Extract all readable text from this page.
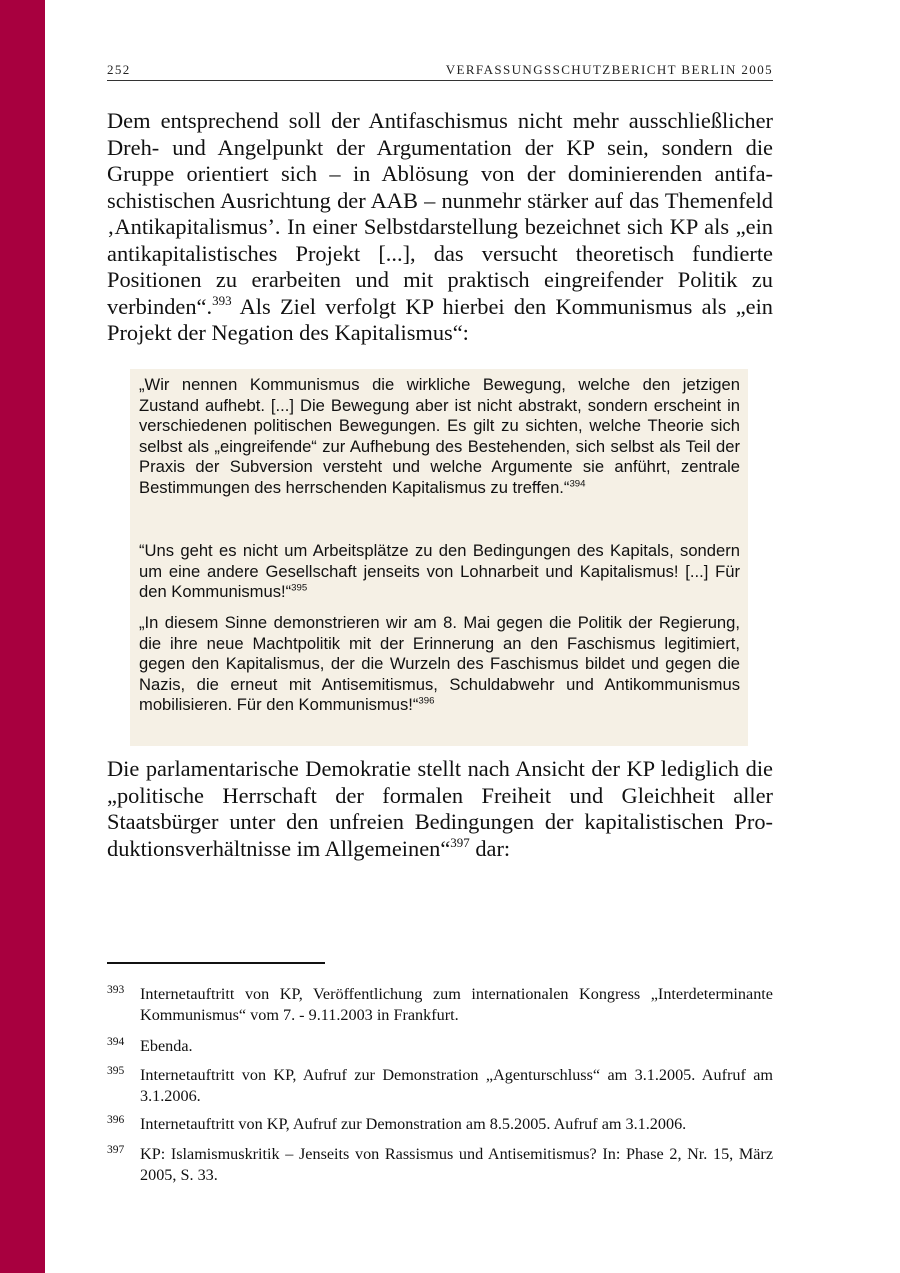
252	VERFASSUNGSSCHUTZBERICHT BERLIN 2005
Dem entsprechend soll der Antifaschismus nicht mehr ausschließlicher Dreh- und Angelpunkt der Argumentation der KP sein, sondern die Gruppe orientiert sich – in Ablösung von der dominierenden antifaschistischen Ausrichtung der AAB – nunmehr stärker auf das Themenfeld ‚Antikapitalismus’. In einer Selbstdarstellung bezeichnet sich KP als „ein antikapitalistisches Projekt [...], das versucht theoretisch fundierte Positionen zu erarbeiten und mit praktisch eingreifender Politik zu verbinden“.$^{393}$ Als Ziel verfolgt KP hierbei den Kommunismus als „ein Projekt der Negation des Kapitalismus“:
„Wir nennen Kommunismus die wirkliche Bewegung, welche den jetzigen Zustand aufhebt. [...] Die Bewegung aber ist nicht abstrakt, sondern erscheint in verschiedenen politischen Bewegungen. Es gilt zu sichten, welche Theorie sich selbst als „eingreifende“ zur Aufhebung des Bestehenden, sich selbst als Teil der Praxis der Subversion versteht und welche Argumente sie anführt, zentrale Bestimmungen des herrschenden Kapitalismus zu treffen.“$^{394}$
“Uns geht es nicht um Arbeitsplätze zu den Bedingungen des Kapitals, sondern um eine andere Gesellschaft jenseits von Lohnarbeit und Kapitalismus! [...] Für den Kommunismus!“$^{395}$
„In diesem Sinne demonstrieren wir am 8. Mai gegen die Politik der Regierung, die ihre neue Machtpolitik mit der Erinnerung an den Faschismus legitimiert, gegen den Kapitalismus, der die Wurzeln des Faschismus bildet und gegen die Nazis, die erneut mit Antisemitismus, Schuldabwehr und Antikommunismus mobilisieren. Für den Kommunismus!“$^{396}$
Die parlamentarische Demokratie stellt nach Ansicht der KP lediglich die „politische Herrschaft der formalen Freiheit und Gleichheit aller Staatsbürger unter den unfreien Bedingungen der kapitalistischen Produktionsverhältnisse im Allgemeinen“$^{397}$ dar:
393 Internetauftritt von KP, Veröffentlichung zum internationalen Kongress „Interdeterminante Kommunismus“ vom 7. - 9.11.2003 in Frankfurt.
394 Ebenda.
395 Internetauftritt von KP, Aufruf zur Demonstration „Agenturschluss“ am 3.1.2005. Aufruf am 3.1.2006.
396 Internetauftritt von KP, Aufruf zur Demonstration am 8.5.2005. Aufruf am 3.1.2006.
397 KP: Islamismuskritik – Jenseits von Rassismus und Antisemitismus? In: Phase 2, Nr. 15, März 2005, S. 33.
